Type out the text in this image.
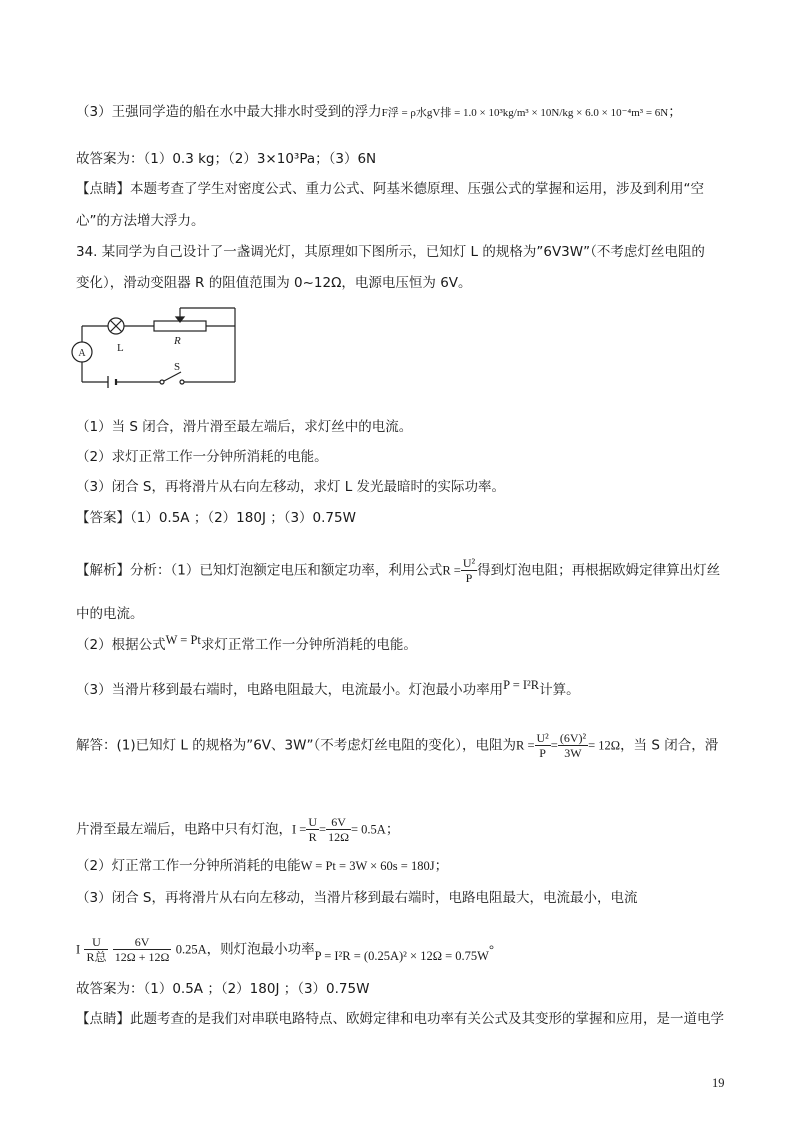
（3）王强同学造的船在水中最大排水时受到的浮力F浮 = ρ水gV排 = 1.0 × 10³kg/m³ × 10N/kg × 6.0 × 10⁻⁴m³ = 6N；
故答案为：（1）0.3 kg；（2）3×10³Pa；（3）6N
【点睛】本题考查了学生对密度公式、重力公式、阿基米德原理、压强公式的掌握和运用，涉及到利用“空
心”的方法增大浮力。
34. 某同学为自己设计了一盏调光灯，其原理如下图所示，已知灯 L 的规格为”6V3W”（不考虑灯丝电阻的
变化），滑动变阻器 R 的阻值范围为 0~12Ω，电源电压恒为 6V。
A	L
R
S
（1）当 S 闭合，滑片滑至最左端后，求灯丝中的电流。
（2）求灯正常工作一分钟所消耗的电能。
（3）闭合 S，再将滑片从右向左移动，求灯 L 发光最暗时的实际功率。
【答案】（1）0.5A ；（2）180J ；（3）0.75W
【解析】分析：（1）已知灯泡额定电压和额定功率，利用公式$R = \frac{\text{U²}}{P}$ 得到灯泡电阻；再根据欧姆定律算出灯丝
中的电流。
（2）根据公式W = Pt求灯正常工作一分钟所消耗的电能。
（3）当滑片移到最右端时，电路电阻最大，电流最小。灯泡最小功率用P = I²R计算。
解答：(1)已知灯 L 的规格为”6V、3W”（不考虑灯丝电阻的变化），电阻为$R = \frac{\text{U²}}{P} = \frac{\text{(6V)²}}{3W} = 12\Omega$，当 S 闭合，滑
片滑至最左端后，电路中只有灯泡，$I = \frac{U}{R} = \frac{6V}{12\Omega} = 0.5A$；
（2）灯正常工作一分钟所消耗的电能W = Pt = 3W × 60s = 180J；
（3）闭合 S，再将滑片从右向左移动，当滑片移到最右端时，电路电阻最大，电流最小，电流
I $\frac{U}{\text{R总}}$
$\frac{6V}{12\Omega + 12\Omega} 0.25A$，则灯泡最小功率P = I²R = (0.25A)² × 12Ω = 0.75W°
故答案为：（1）0.5A ；（2）180J ；（3）0.75W
【点睛】此题考查的是我们对串联电路特点、欧姆定律和电功率有关公式及其变形的掌握和应用，是一道电学
19
